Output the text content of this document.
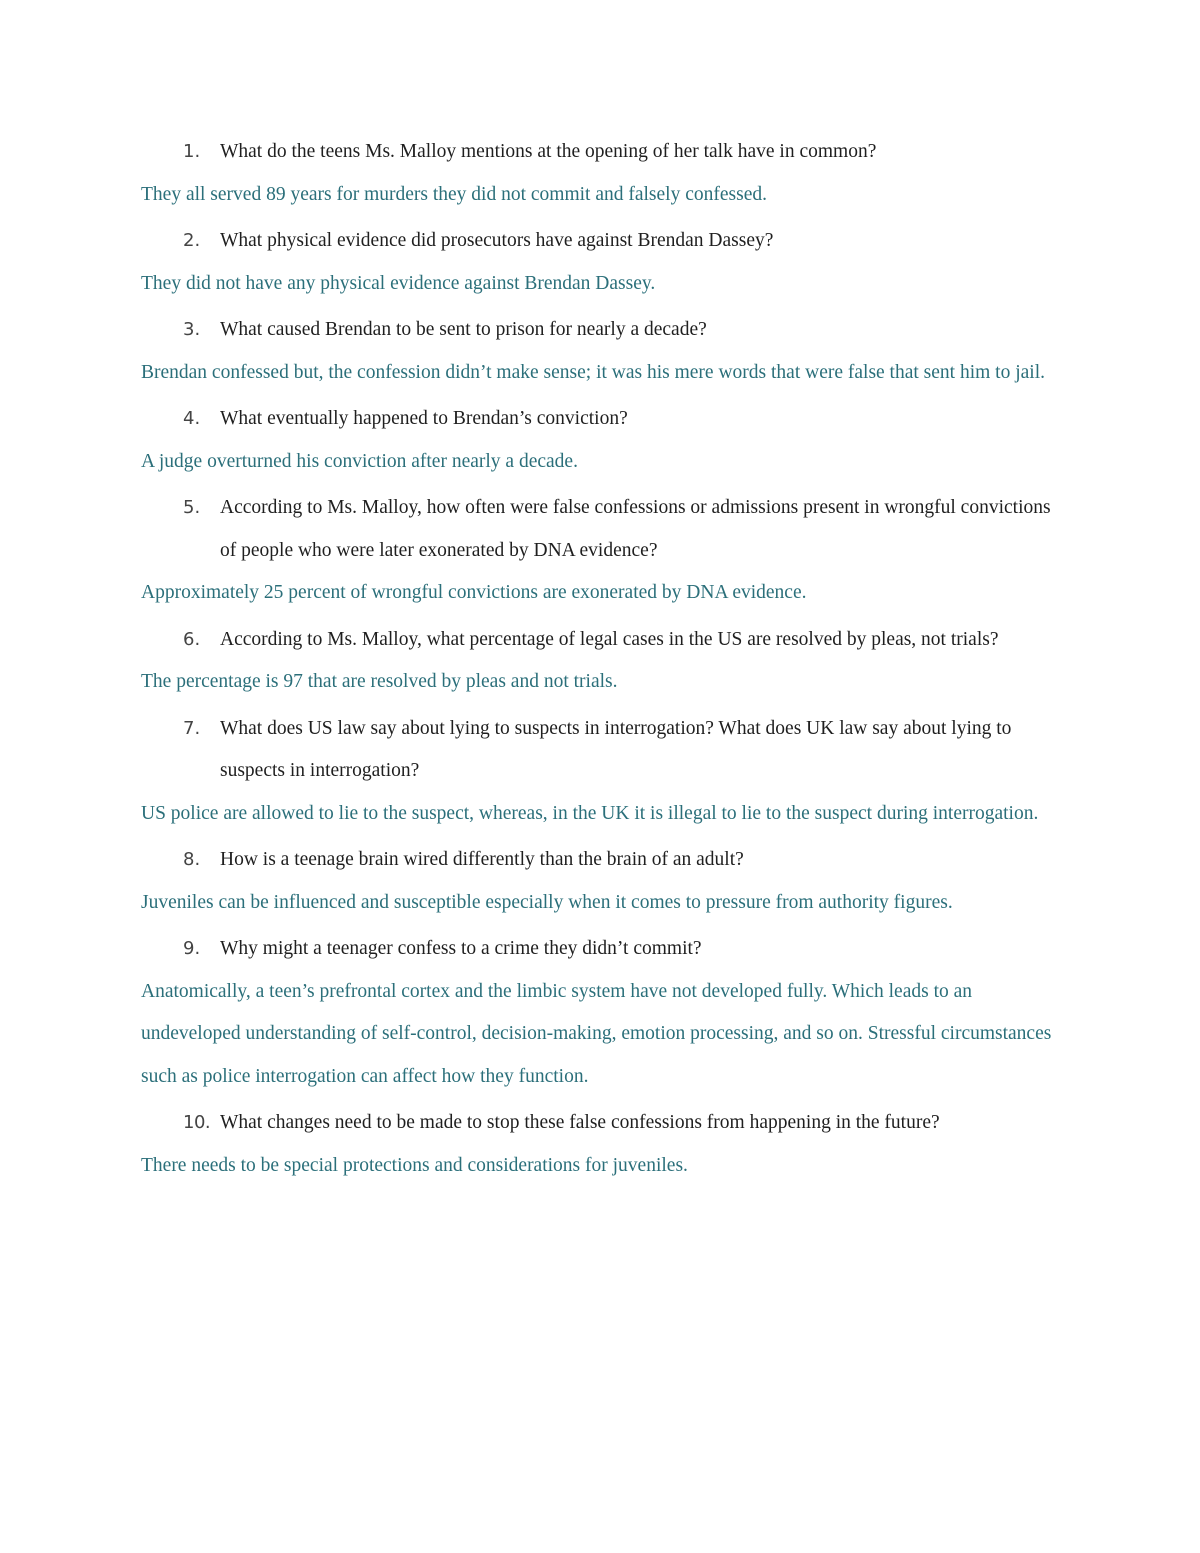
1.	What do the teens Ms. Malloy mentions at the opening of her talk have in common?
They all served 89 years for murders they did not commit and falsely confessed.
2.	What physical evidence did prosecutors have against Brendan Dassey?
They did not have any physical evidence against Brendan Dassey.
3.	What caused Brendan to be sent to prison for nearly a decade?
Brendan confessed but, the confession didn’t make sense; it was his mere words that were false that sent him to jail.
4.	What eventually happened to Brendan’s conviction?
A judge overturned his conviction after nearly a decade.
5.	According to Ms. Malloy, how often were false confessions or admissions present in wrongful convictions of people who were later exonerated by DNA evidence?
Approximately 25 percent of wrongful convictions are exonerated by DNA evidence.
6.	According to Ms. Malloy, what percentage of legal cases in the US are resolved by pleas, not trials?
The percentage is 97 that are resolved by pleas and not trials.
7.	What does US law say about lying to suspects in interrogation? What does UK law say about lying to suspects in interrogation?
US police are allowed to lie to the suspect, whereas, in the UK it is illegal to lie to the suspect during interrogation.
8.	How is a teenage brain wired differently than the brain of an adult?
Juveniles can be influenced and susceptible especially when it comes to pressure from authority figures.
9.	Why might a teenager confess to a crime they didn’t commit?
Anatomically, a teen’s prefrontal cortex and the limbic system have not developed fully. Which leads to an undeveloped understanding of self-control, decision-making, emotion processing, and so on. Stressful circumstances such as police interrogation can affect how they function.
10. What changes need to be made to stop these false confessions from happening in the future?
There needs to be special protections and considerations for juveniles.
